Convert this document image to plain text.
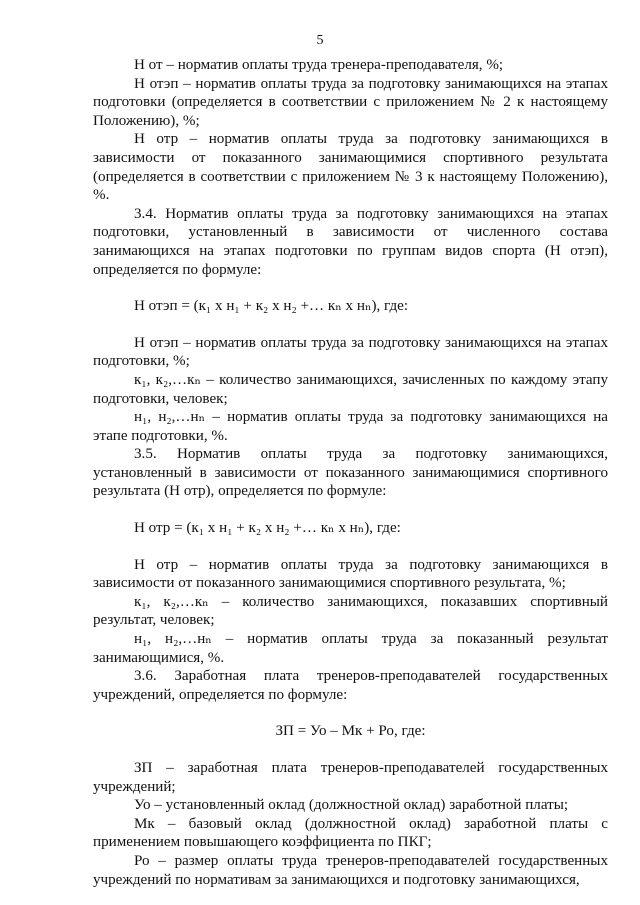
5

Н от – норматив оплаты труда тренера-преподавателя, %;

Н отэп – норматив оплаты труда за подготовку занимающихся на этапах подготовки (определяется в соответствии с приложением № 2 к настоящему Положению), %;

Н отр – норматив оплаты труда за подготовку занимающихся в зависимости от показанного занимающимися спортивного результата (определяется в соответствии с приложением № 3 к настоящему Положению), %.

3.4. Норматив оплаты труда за подготовку занимающихся на этапах подготовки, установленный в зависимости от численного состава занимающихся на этапах подготовки по группам видов спорта (Н отэп), определяется по формуле:

Н отэп = (к₁ х н₁ + к₂ х н₂ +… кₙ х нₙ), где:

Н отэп – норматив оплаты труда за подготовку занимающихся на этапах подготовки, %;

к₁, к₂,…кₙ – количество занимающихся, зачисленных по каждому этапу подготовки, человек;

н₁, н₂,…нₙ – норматив оплаты труда за подготовку занимающихся на этапе подготовки, %.

3.5. Норматив оплаты труда за подготовку занимающихся, установленный в зависимости от показанного занимающимися спортивного результата (Н отр), определяется по формуле:

Н отр = (к₁ х н₁ + к₂ х н₂ +… кₙ х нₙ), где:

Н отр – норматив оплаты труда за подготовку занимающихся в зависимости от показанного занимающимися спортивного результата, %;

к₁, к₂,…кₙ – количество занимающихся, показавших спортивный результат, человек;

н₁, н₂,…нₙ – норматив оплаты труда за показанный результат занимающимися, %.

3.6. Заработная плата тренеров-преподавателей государственных учреждений, определяется по формуле:

ЗП = Уо – Мк + Ро, где:

ЗП – заработная плата тренеров-преподавателей государственных учреждений;

Уо – установленный оклад (должностной оклад) заработной платы;

Мк – базовый оклад (должностной оклад) заработной платы с применением повышающего коэффициента по ПКГ;

Ро – размер оплаты труда тренеров-преподавателей государственных учреждений по нормативам за занимающихся и подготовку занимающихся,
